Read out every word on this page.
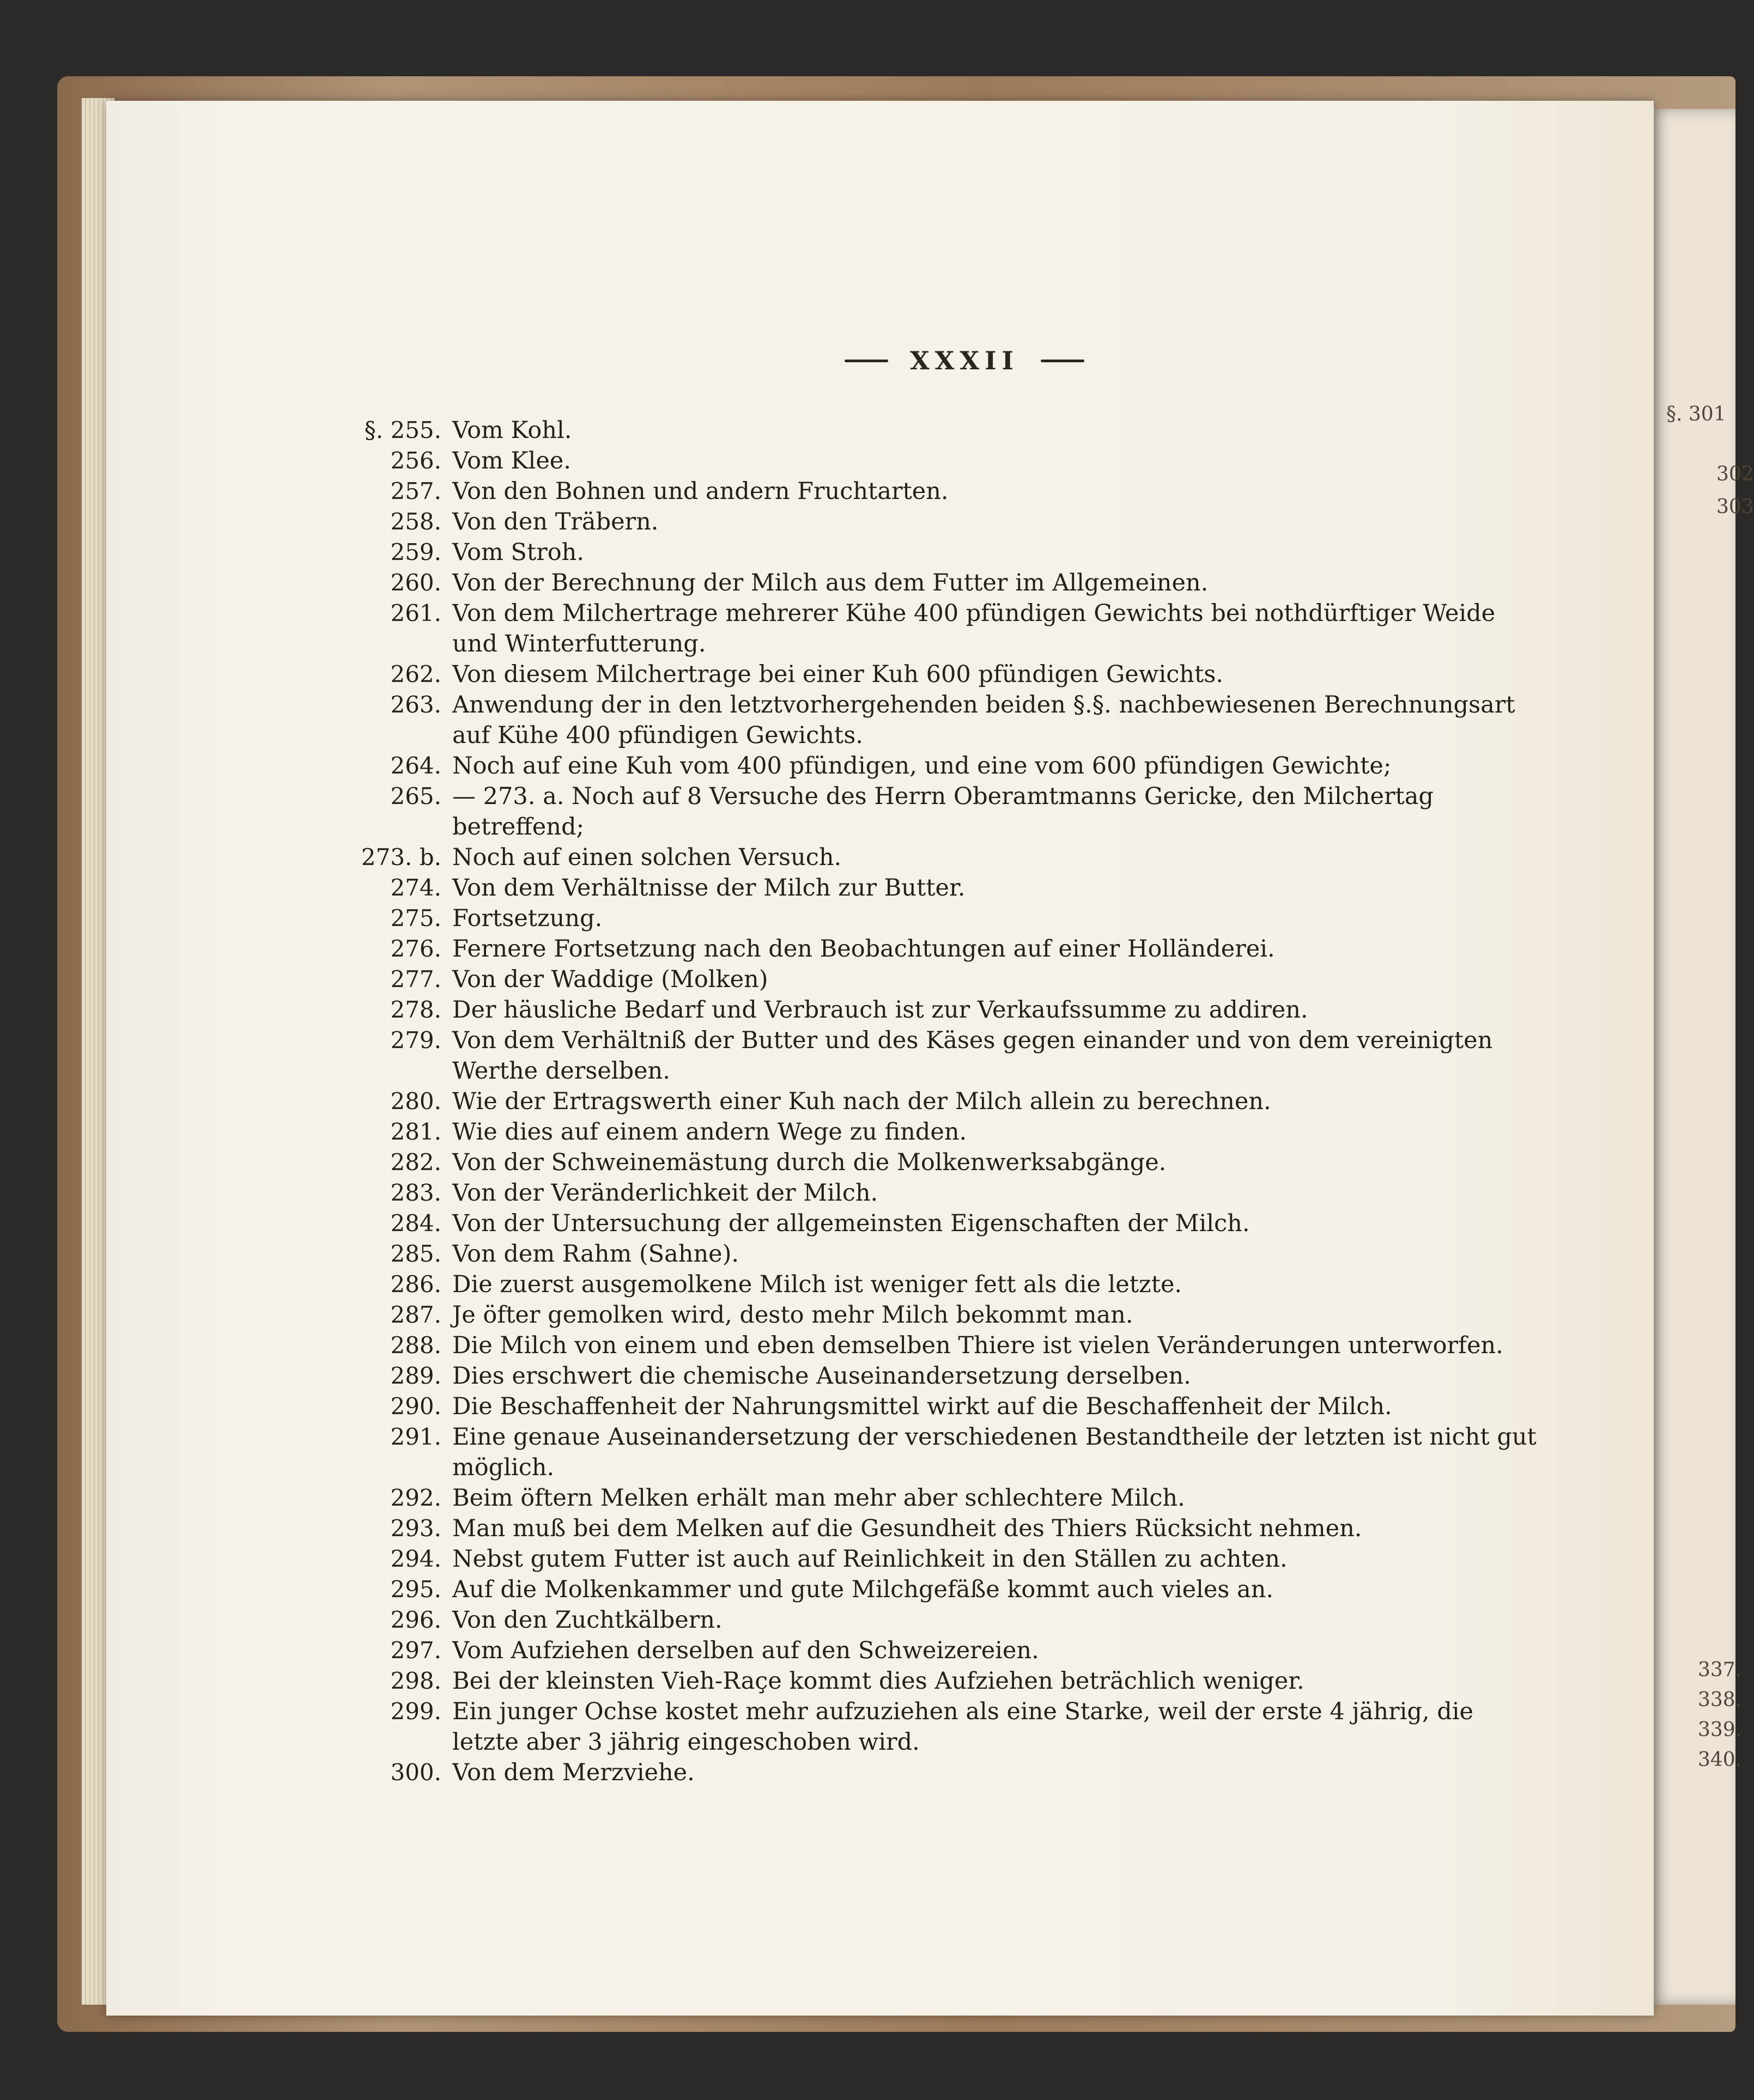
§. 301
302
303
337.
338.
339.
340.
XXXII
§. 255. Vom Kohl.
256. Vom Klee.
257. Von den Bohnen und andern Fruchtarten.
258. Von den Träbern.
259. Vom Stroh.
260. Von der Berechnung der Milch aus dem Futter im Allgemeinen.
261. Von dem Milchertrage mehrerer Kühe 400 pfündigen Gewichts bei nothdürftiger Weide und Winterfutterung.
262. Von diesem Milchertrage bei einer Kuh 600 pfündigen Gewichts.
263. Anwendung der in den letztvorhergehenden beiden §.§. nachbewiesenen Berechnungsart auf Kühe 400 pfündigen Gewichts.
264. Noch auf eine Kuh vom 400 pfündigen, und eine vom 600 pfündigen Gewichte;
265. — 273. a. Noch auf 8 Versuche des Herrn Oberamtmanns Gericke, den Milchertag betreffend;
273. b. Noch auf einen solchen Versuch.
274. Von dem Verhältnisse der Milch zur Butter.
275. Fortsetzung.
276. Fernere Fortsetzung nach den Beobachtungen auf einer Holländerei.
277. Von der Waddige (Molken)
278. Der häusliche Bedarf und Verbrauch ist zur Verkaufssumme zu addiren.
279. Von dem Verhältniß der Butter und des Käses gegen einander und von dem vereinigten Werthe derselben.
280. Wie der Ertragswerth einer Kuh nach der Milch allein zu berechnen.
281. Wie dies auf einem andern Wege zu finden.
282. Von der Schweinemästung durch die Molkenwerksabgänge.
283. Von der Veränderlichkeit der Milch.
284. Von der Untersuchung der allgemeinsten Eigenschaften der Milch.
285. Von dem Rahm (Sahne).
286. Die zuerst ausgemolkene Milch ist weniger fett als die letzte.
287. Je öfter gemolken wird, desto mehr Milch bekommt man.
288. Die Milch von einem und eben demselben Thiere ist vielen Veränderungen unterworfen.
289. Dies erschwert die chemische Auseinandersetzung derselben.
290. Die Beschaffenheit der Nahrungsmittel wirkt auf die Beschaffenheit der Milch.
291. Eine genaue Auseinandersetzung der verschiedenen Bestandtheile der letzten ist nicht gut möglich.
292. Beim öftern Melken erhält man mehr aber schlechtere Milch.
293. Man muß bei dem Melken auf die Gesundheit des Thiers Rücksicht nehmen.
294. Nebst gutem Futter ist auch auf Reinlichkeit in den Ställen zu achten.
295. Auf die Molkenkammer und gute Milchgefäße kommt auch vieles an.
296. Von den Zuchtkälbern.
297. Vom Aufziehen derselben auf den Schweizereien.
298. Bei der kleinsten Vieh-Raçe kommt dies Aufziehen beträchlich weniger.
299. Ein junger Ochse kostet mehr aufzuziehen als eine Starke, weil der erste 4 jährig, die letzte aber 3 jährig eingeschoben wird.
300. Von dem Merzviehe.
